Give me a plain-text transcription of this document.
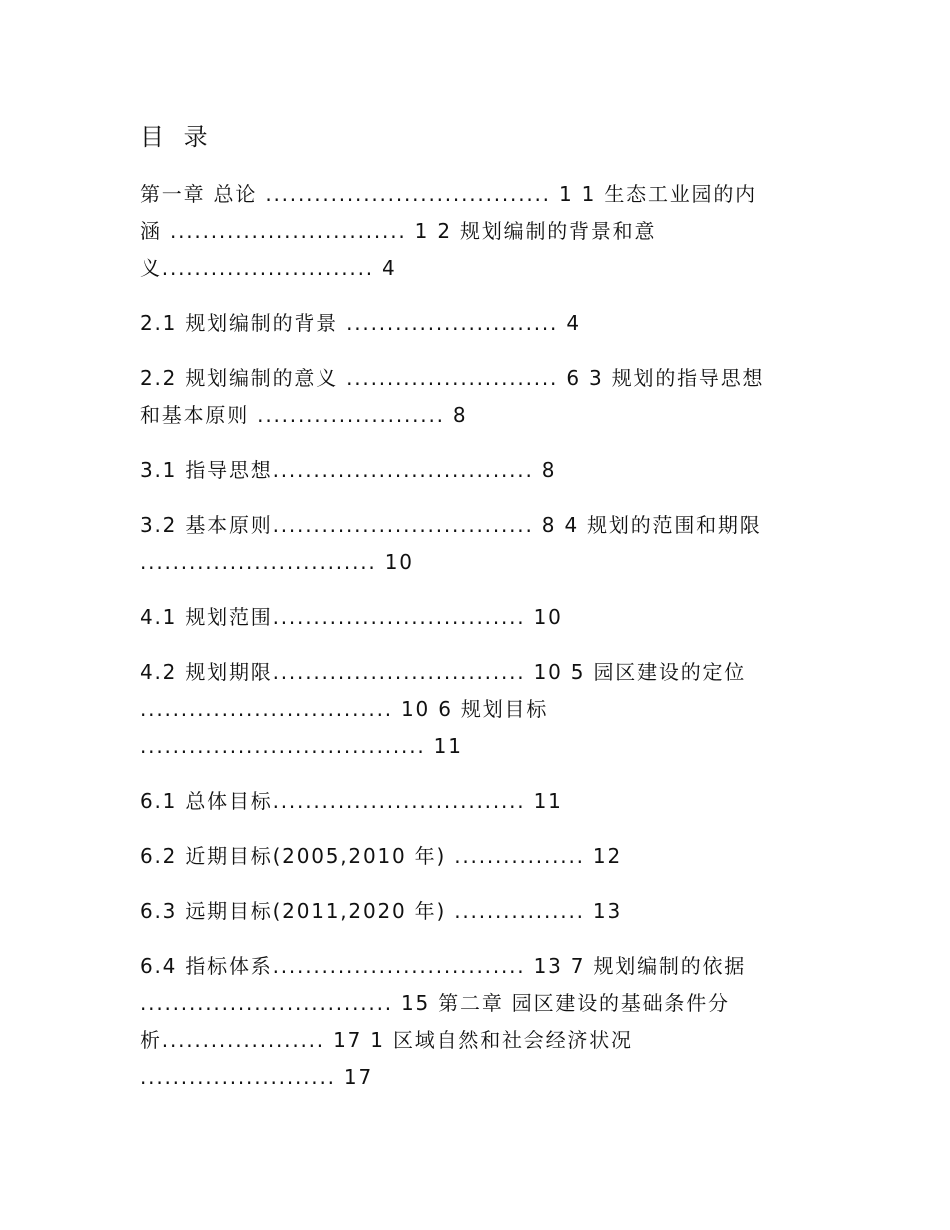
目 录
第一章 总论 ................................... 1 1 生态工业园的内
涵 ............................. 1 2 规划编制的背景和意
义.......................... 4
2.1 规划编制的背景 .......................... 4
2.2 规划编制的意义 .......................... 6 3 规划的指导思想
和基本原则 ....................... 8
3.1 指导思想................................ 8
3.2 基本原则................................ 8 4 规划的范围和期限
............................. 10
4.1 规划范围............................... 10
4.2 规划期限............................... 10 5 园区建设的定位
............................... 10 6 规划目标
................................... 11
6.1 总体目标............................... 11
6.2 近期目标(2005,2010 年) ................ 12
6.3 远期目标(2011,2020 年) ................ 13
6.4 指标体系............................... 13 7 规划编制的依据
............................... 15 第二章 园区建设的基础条件分
析.................... 17 1 区域自然和社会经济状况
........................ 17
